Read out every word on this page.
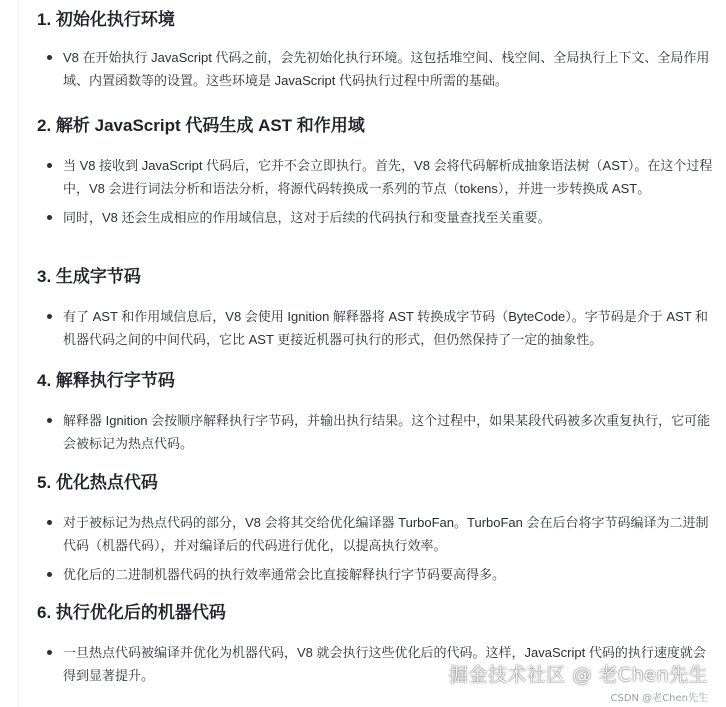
1. 初始化执行环境
V8 在开始执行 JavaScript 代码之前，会先初始化执行环境。这包括堆空间、栈空间、全局执行上下文、全局作用域、内置函数等的设置。这些环境是 JavaScript 代码执行过程中所需的基础。
2. 解析 JavaScript 代码生成 AST 和作用域
当 V8 接收到 JavaScript 代码后，它并不会立即执行。首先，V8 会将代码解析成抽象语法树（AST）。在这个过程中，V8 会进行词法分析和语法分析，将源代码转换成一系列的节点（tokens），并进一步转换成 AST。
同时，V8 还会生成相应的作用域信息，这对于后续的代码执行和变量查找至关重要。
3. 生成字节码
有了 AST 和作用域信息后，V8 会使用 Ignition 解释器将 AST 转换成字节码（ByteCode）。字节码是介于 AST 和机器代码之间的中间代码，它比 AST 更接近机器可执行的形式，但仍然保持了一定的抽象性。
4. 解释执行字节码
解释器 Ignition 会按顺序解释执行字节码，并输出执行结果。这个过程中，如果某段代码被多次重复执行，它可能会被标记为热点代码。
5. 优化热点代码
对于被标记为热点代码的部分，V8 会将其交给优化编译器 TurboFan。TurboFan 会在后台将字节码编译为二进制代码（机器代码），并对编译后的代码进行优化，以提高执行效率。
优化后的二进制机器代码的执行效率通常会比直接解释执行字节码要高得多。
6. 执行优化后的机器代码
一旦热点代码被编译并优化为机器代码，V8 就会执行这些优化后的代码。这样，JavaScript 代码的执行速度就会得到显著提升。	掘金技术社区 @ 老Chen先生
CSDN @老Chen先生
